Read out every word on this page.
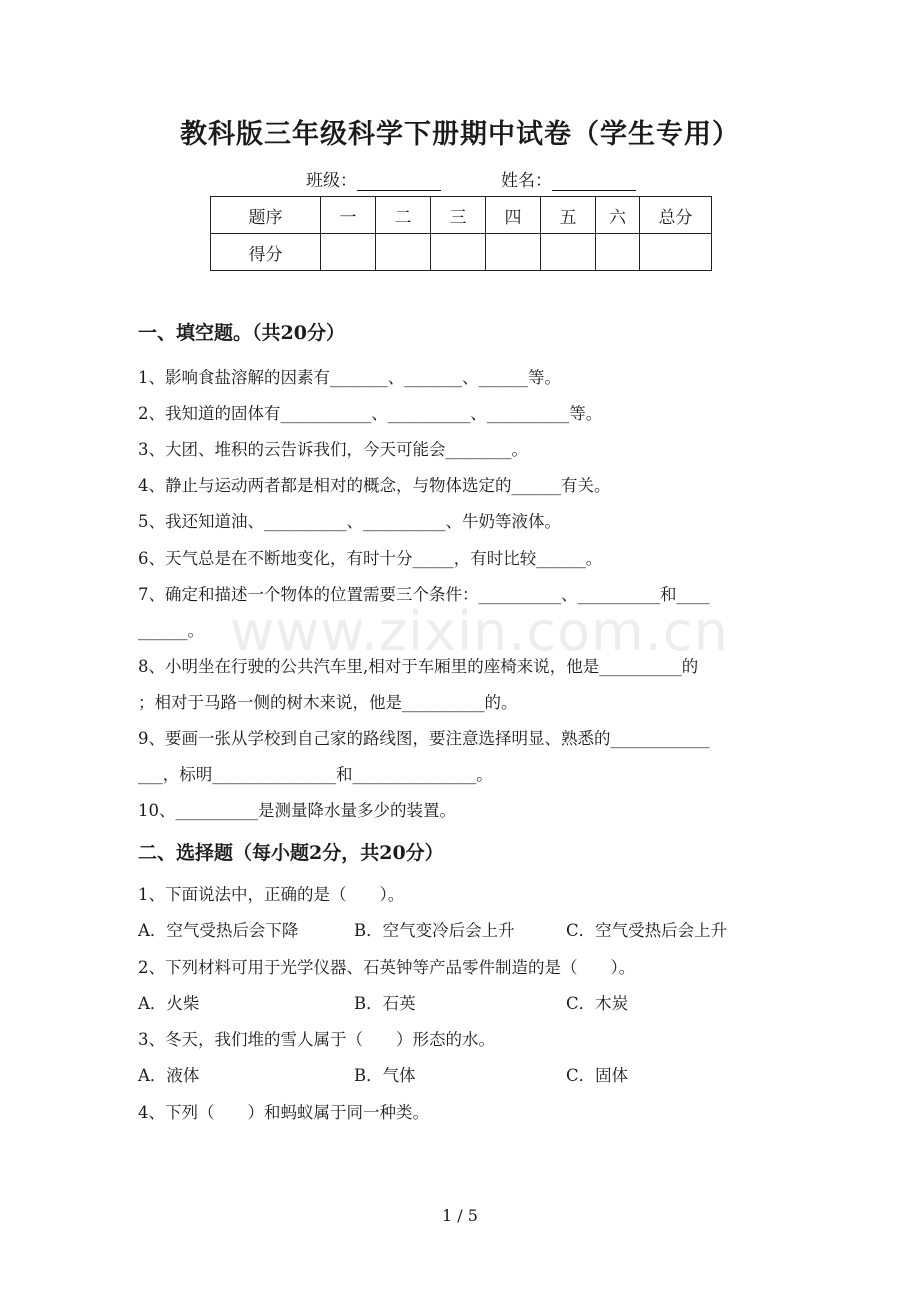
www.zixin.com.cn
教科版三年级科学下册期中试卷（学生专用）
班级：	姓名：
题序	一	二	三	四	五	六	总分
得分							
一、填空题。（共20分）
1、影响食盐溶解的因素有_______、_______、______等。
2、我知道的固体有___________、__________、__________等。
3、大团、堆积的云告诉我们，今天可能会________。
4、静止与运动两者都是相对的概念，与物体选定的______有关。
5、我还知道油、__________、__________、牛奶等液体。
6、天气总是在不断地变化，有时十分_____，有时比较______。
7、确定和描述一个物体的位置需要三个条件：__________、__________和____
______。
8、小明坐在行驶的公共汽车里,相对于车厢里的座椅来说，他是__________的
；相对于马路一侧的树木来说，他是__________的。
9、要画一张从学校到自己家的路线图，要注意选择明显、熟悉的____________
___，标明_______________和_______________。
10、__________是测量降水量多少的装置。
二、选择题（每小题2分，共20分）
1、下面说法中，正确的是（　　）。
A．空气受热后会下降	B．空气变冷后会上升	C．空气受热后会上升
2、下列材料可用于光学仪器、石英钟等产品零件制造的是（　　）。
A．火柴	B．石英	C．木炭
3、冬天，我们堆的雪人属于（　　）形态的水。
A．液体	B．气体	C．固体
4、下列（　　）和蚂蚁属于同一种类。
1 / 5
